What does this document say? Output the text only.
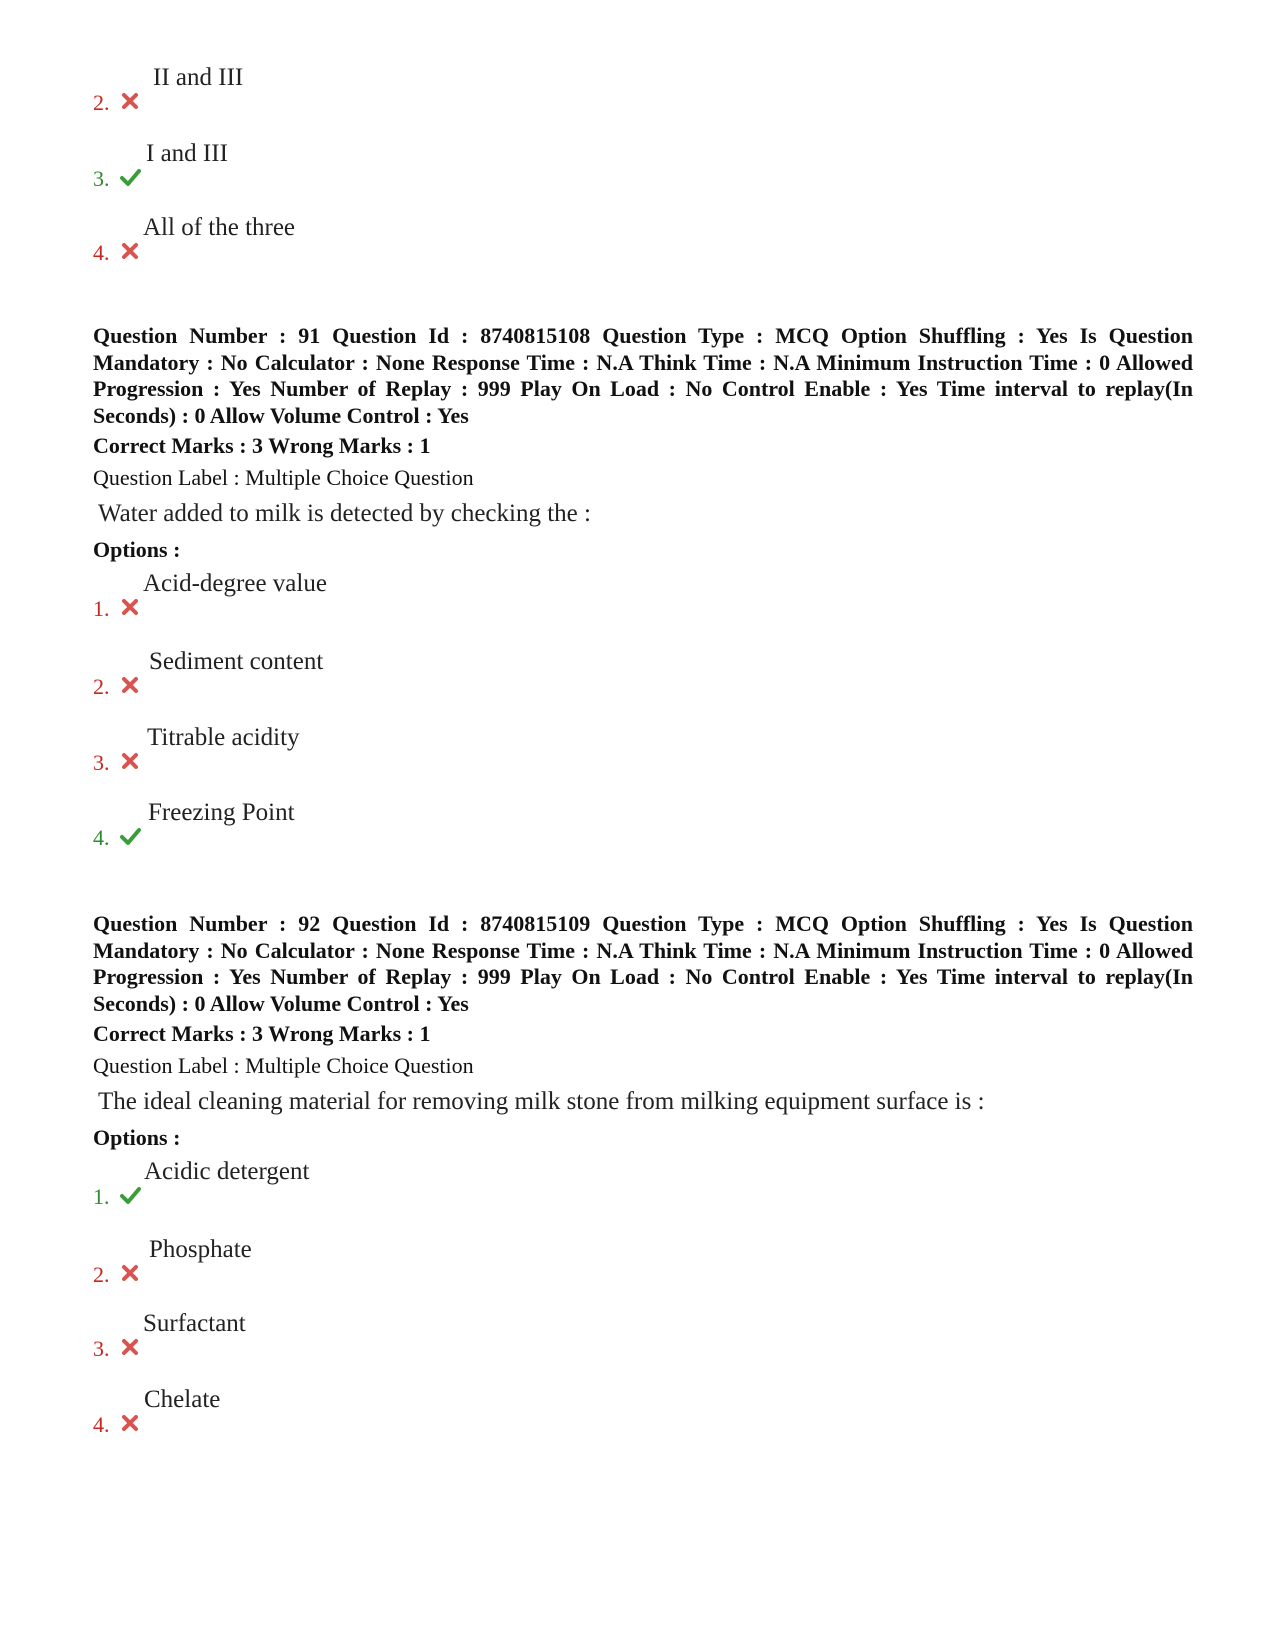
2.
II and III
3.
I and III
4.
All of the three

Question Number : 91 Question Id : 8740815108 Question Type : MCQ Option Shuffling : Yes Is Question Mandatory : No Calculator : None Response Time : N.A Think Time : N.A Minimum Instruction Time : 0 Allowed Progression : Yes Number of Replay : 999 Play On Load : No Control Enable : Yes Time interval to replay(In Seconds) : 0 Allow Volume Control : Yes

Correct Marks : 3 Wrong Marks : 1

Question Label : Multiple Choice Question

Water added to milk is detected by checking the :

Options :

1.
Acid-degree value
2.
Sediment content
3.
Titrable acidity
4.
Freezing Point

Question Number : 92 Question Id : 8740815109 Question Type : MCQ Option Shuffling : Yes Is Question Mandatory : No Calculator : None Response Time : N.A Think Time : N.A Minimum Instruction Time : 0 Allowed Progression : Yes Number of Replay : 999 Play On Load : No Control Enable : Yes Time interval to replay(In Seconds) : 0 Allow Volume Control : Yes

Correct Marks : 3 Wrong Marks : 1

Question Label : Multiple Choice Question

The ideal cleaning material for removing milk stone from milking equipment surface is :

Options :

1.
Acidic detergent
2.
Phosphate
3.
Surfactant
4.
Chelate
